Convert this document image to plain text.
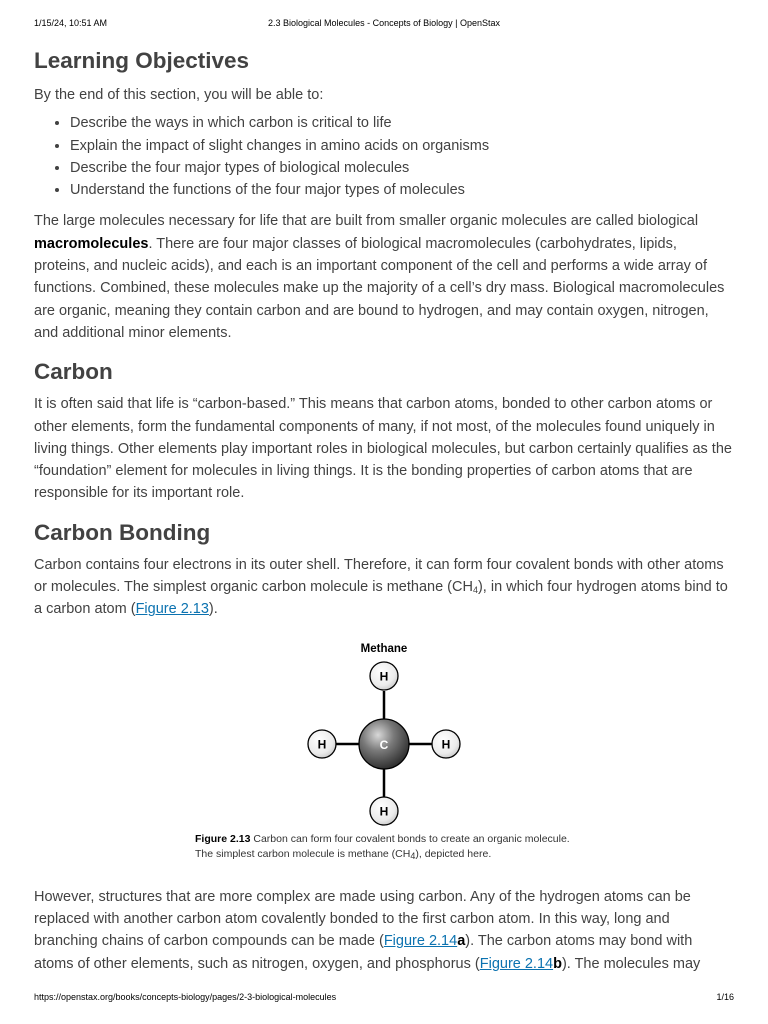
1/15/24, 10:51 AM	2.3 Biological Molecules - Concepts of Biology | OpenStax
Learning Objectives

By the end of this section, you will be able to:

• Describe the ways in which carbon is critical to life
• Explain the impact of slight changes in amino acids on organisms
• Describe the four major types of biological molecules
• Understand the functions of the four major types of molecules

The large molecules necessary for life that are built from smaller organic molecules are called biological macromolecules. There are four major classes of biological macromolecules (carbohydrates, lipids, proteins, and nucleic acids), and each is an important component of the cell and performs a wide array of functions. Combined, these molecules make up the majority of a cell’s dry mass. Biological macromolecules are organic, meaning they contain carbon and are bound to hydrogen, and may contain oxygen, nitrogen, and additional minor elements.

Carbon

It is often said that life is “carbon-based.” This means that carbon atoms, bonded to other carbon atoms or other elements, form the fundamental components of many, if not most, of the molecules found uniquely in living things. Other elements play important roles in biological molecules, but carbon certainly qualifies as the “foundation” element for molecules in living things. It is the bonding properties of carbon atoms that are responsible for its important role.

Carbon Bonding

Carbon contains four electrons in its outer shell. Therefore, it can form four covalent bonds with other atoms or molecules. The simplest organic carbon molecule is methane $(CH_4)$, in which four hydrogen atoms bind to a carbon atom (Figure 2.13).

Methane
H
H	H
H
C
Figure 2.13 Carbon can form four covalent bonds to create an organic molecule. The simplest carbon molecule is methane $(CH_4)$, depicted here.

However, structures that are more complex are made using carbon. Any of the hydrogen atoms can be replaced with another carbon atom covalently bonded to the first carbon atom. In this way, long and branching chains of carbon compounds can be made (Figure 2.14a). The carbon atoms may bond with atoms of other elements, such as nitrogen, oxygen, and phosphorus (Figure 2.14b). The molecules may

https://openstax.org/books/concepts-biology/pages/2-3-biological-molecules	1/16
